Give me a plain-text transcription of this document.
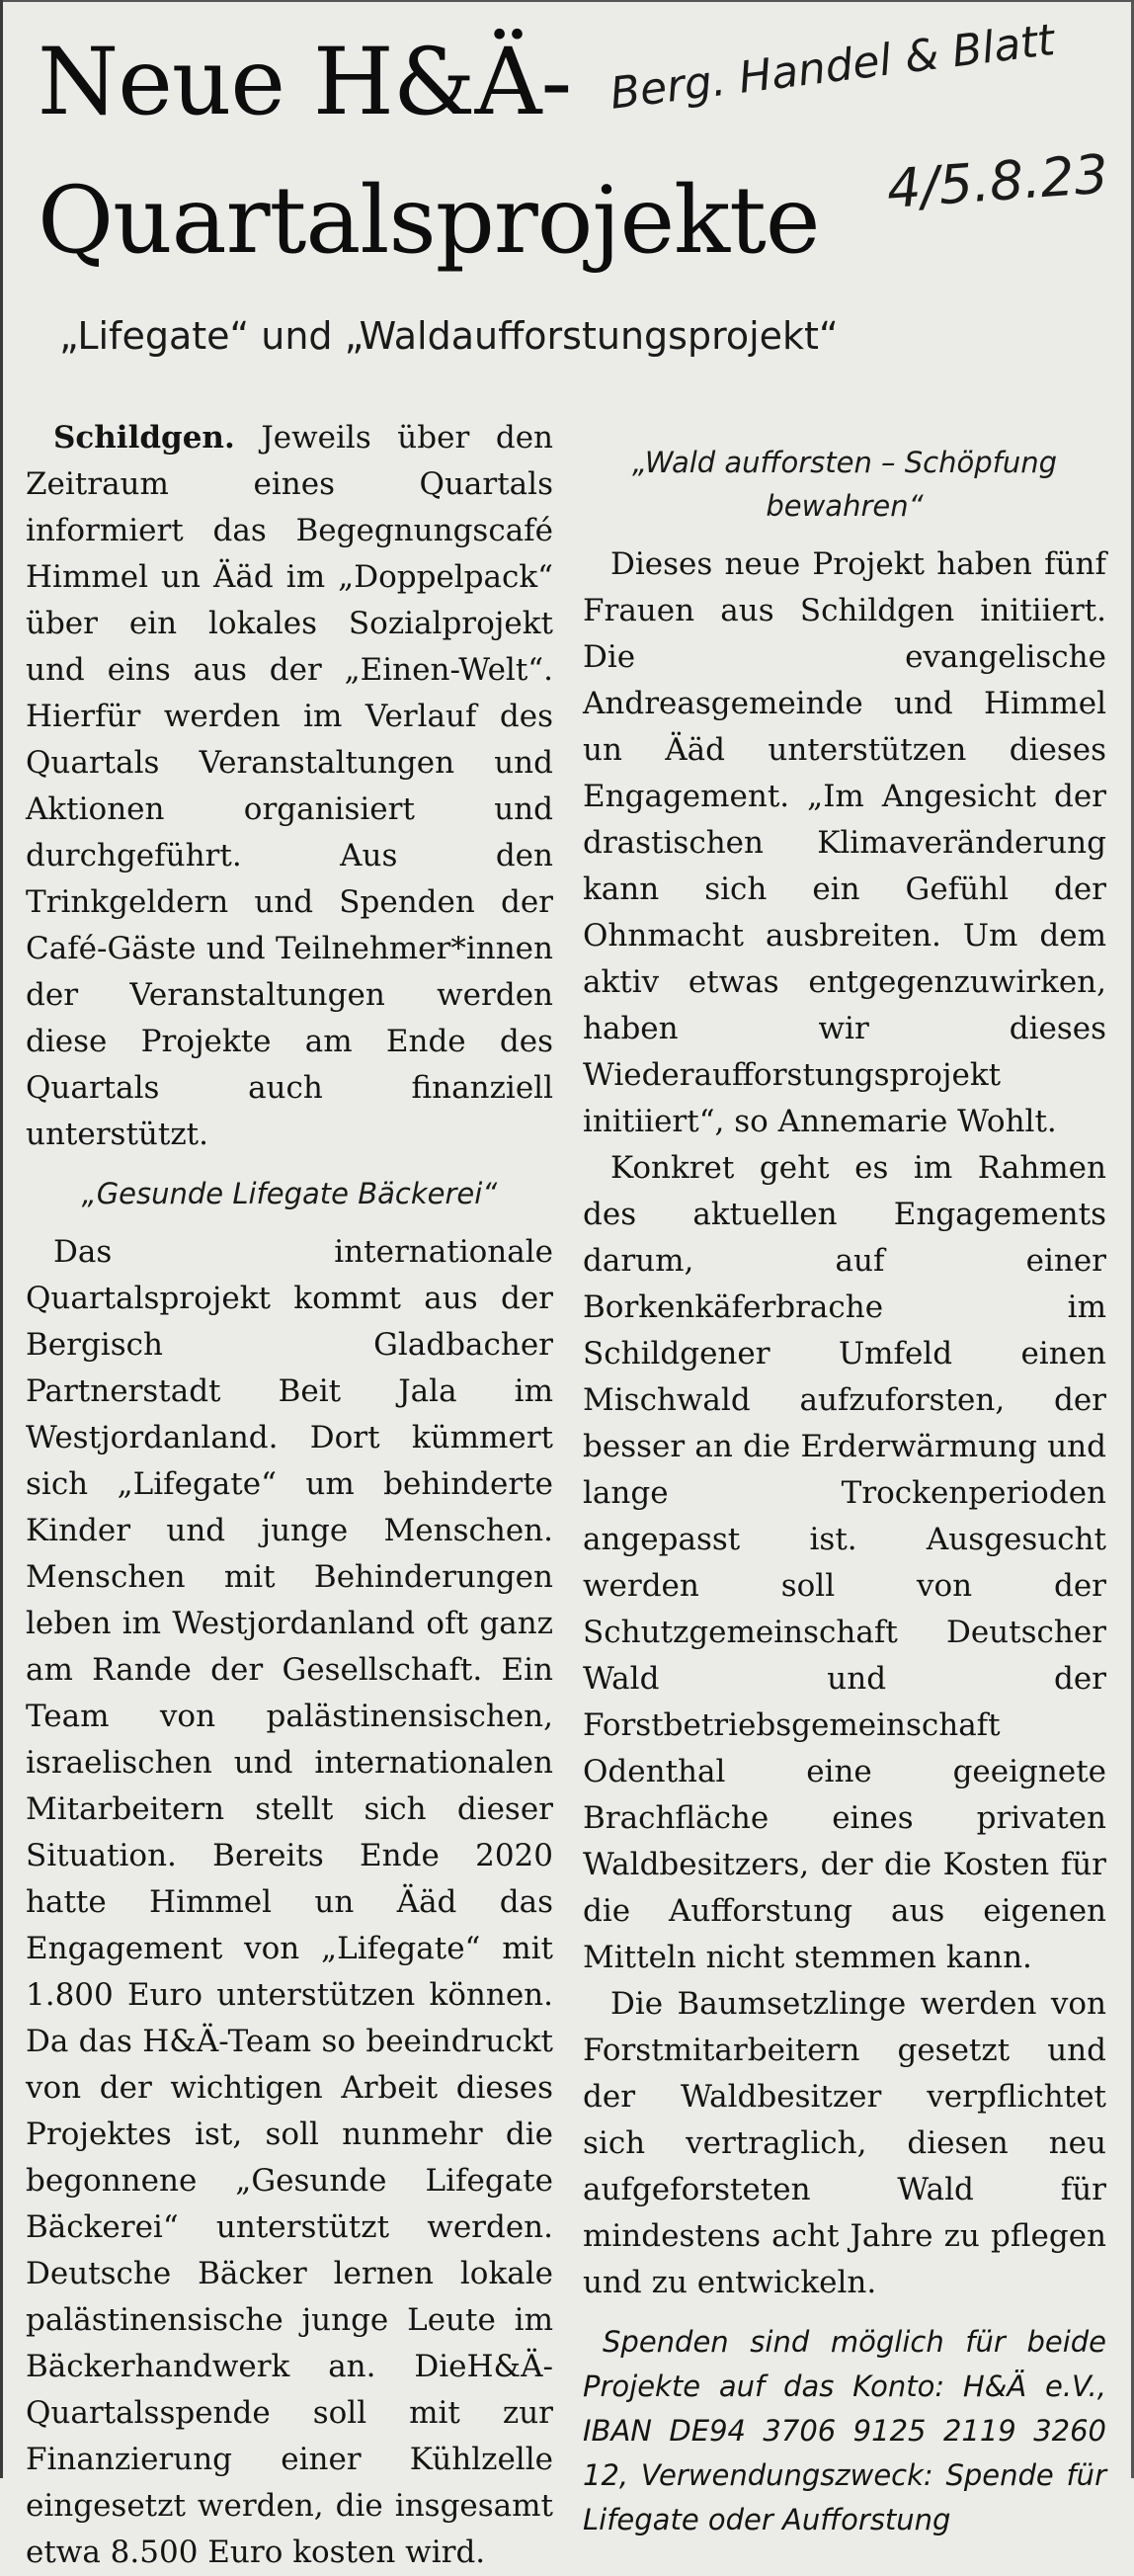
Neue H&Ä-
Quartalsprojekte
Berg. Handel & Blatt
4/5.8.23
„Lifegate“ und „Waldaufforstungsprojekt“

Schildgen. Jeweils über den Zeitraum eines Quartals informiert das Begegnungscafé Himmel un Ääd im „Doppelpack“ über ein lokales Sozialprojekt und eins aus der „Einen-Welt“. Hierfür werden im Verlauf des Quartals Veranstaltungen und Aktionen organisiert und durchgeführt. Aus den Trinkgeldern und Spenden der Café-Gäste und Teilnehmer*innen der Veranstaltungen werden diese Projekte am Ende des Quartals auch finanziell unterstützt.

„Gesunde Lifegate Bäckerei“

Das internationale Quartalsprojekt kommt aus der Bergisch Gladbacher Partnerstadt Beit Jala im Westjordanland. Dort kümmert sich „Lifegate“ um behinderte Kinder und junge Menschen. Menschen mit Behinderungen leben im Westjordanland oft ganz am Rande der Gesellschaft. Ein Team von palästinensischen, israelischen und internationalen Mitarbeitern stellt sich dieser Situation. Bereits Ende 2020 hatte Himmel un Ääd das Engagement von „Lifegate“ mit 1.800 Euro unterstützen können. Da das H&Ä-Team so beeindruckt von der wichtigen Arbeit dieses Projektes ist, soll nunmehr die begonnene „Gesunde Lifegate Bäckerei“ unterstützt werden. Deutsche Bäcker lernen lokale palästinensische junge Leute im Bäckerhandwerk an. DieH&Ä-Quartalsspende soll mit zur Finanzierung einer Kühlzelle eingesetzt werden, die insgesamt etwa 8.500 Euro kosten wird.

„Wald aufforsten – Schöpfung bewahren“

Dieses neue Projekt haben fünf Frauen aus Schildgen initiiert. Die evangelische Andreasgemeinde und Himmel un Ääd unterstützen dieses Engagement. „Im Angesicht der drastischen Klimaveränderung kann sich ein Gefühl der Ohnmacht ausbreiten. Um dem aktiv etwas entgegenzuwirken, haben wir dieses Wiederaufforstungsprojekt initiiert“, so Annemarie Wohlt.

Konkret geht es im Rahmen des aktuellen Engagements darum, auf einer Borkenkäferbrache im Schildgener Umfeld einen Mischwald aufzuforsten, der besser an die Erderwärmung und lange Trockenperioden angepasst ist. Ausgesucht werden soll von der Schutzgemeinschaft Deutscher Wald und der Forstbetriebsgemeinschaft Odenthal eine geeignete Brachfläche eines privaten Waldbesitzers, der die Kosten für die Aufforstung aus eigenen Mitteln nicht stemmen kann.

Die Baumsetzlinge werden von Forstmitarbeitern gesetzt und der Waldbesitzer verpflichtet sich vertraglich, diesen neu aufgeforsteten Wald für mindestens acht Jahre zu pflegen und zu entwickeln.

Spenden sind möglich für beide Projekte auf das Konto: H&Ä e.V., IBAN DE94 3706 9125 2119 3260 12, Verwendungszweck: Spende für Lifegate oder Aufforstung
